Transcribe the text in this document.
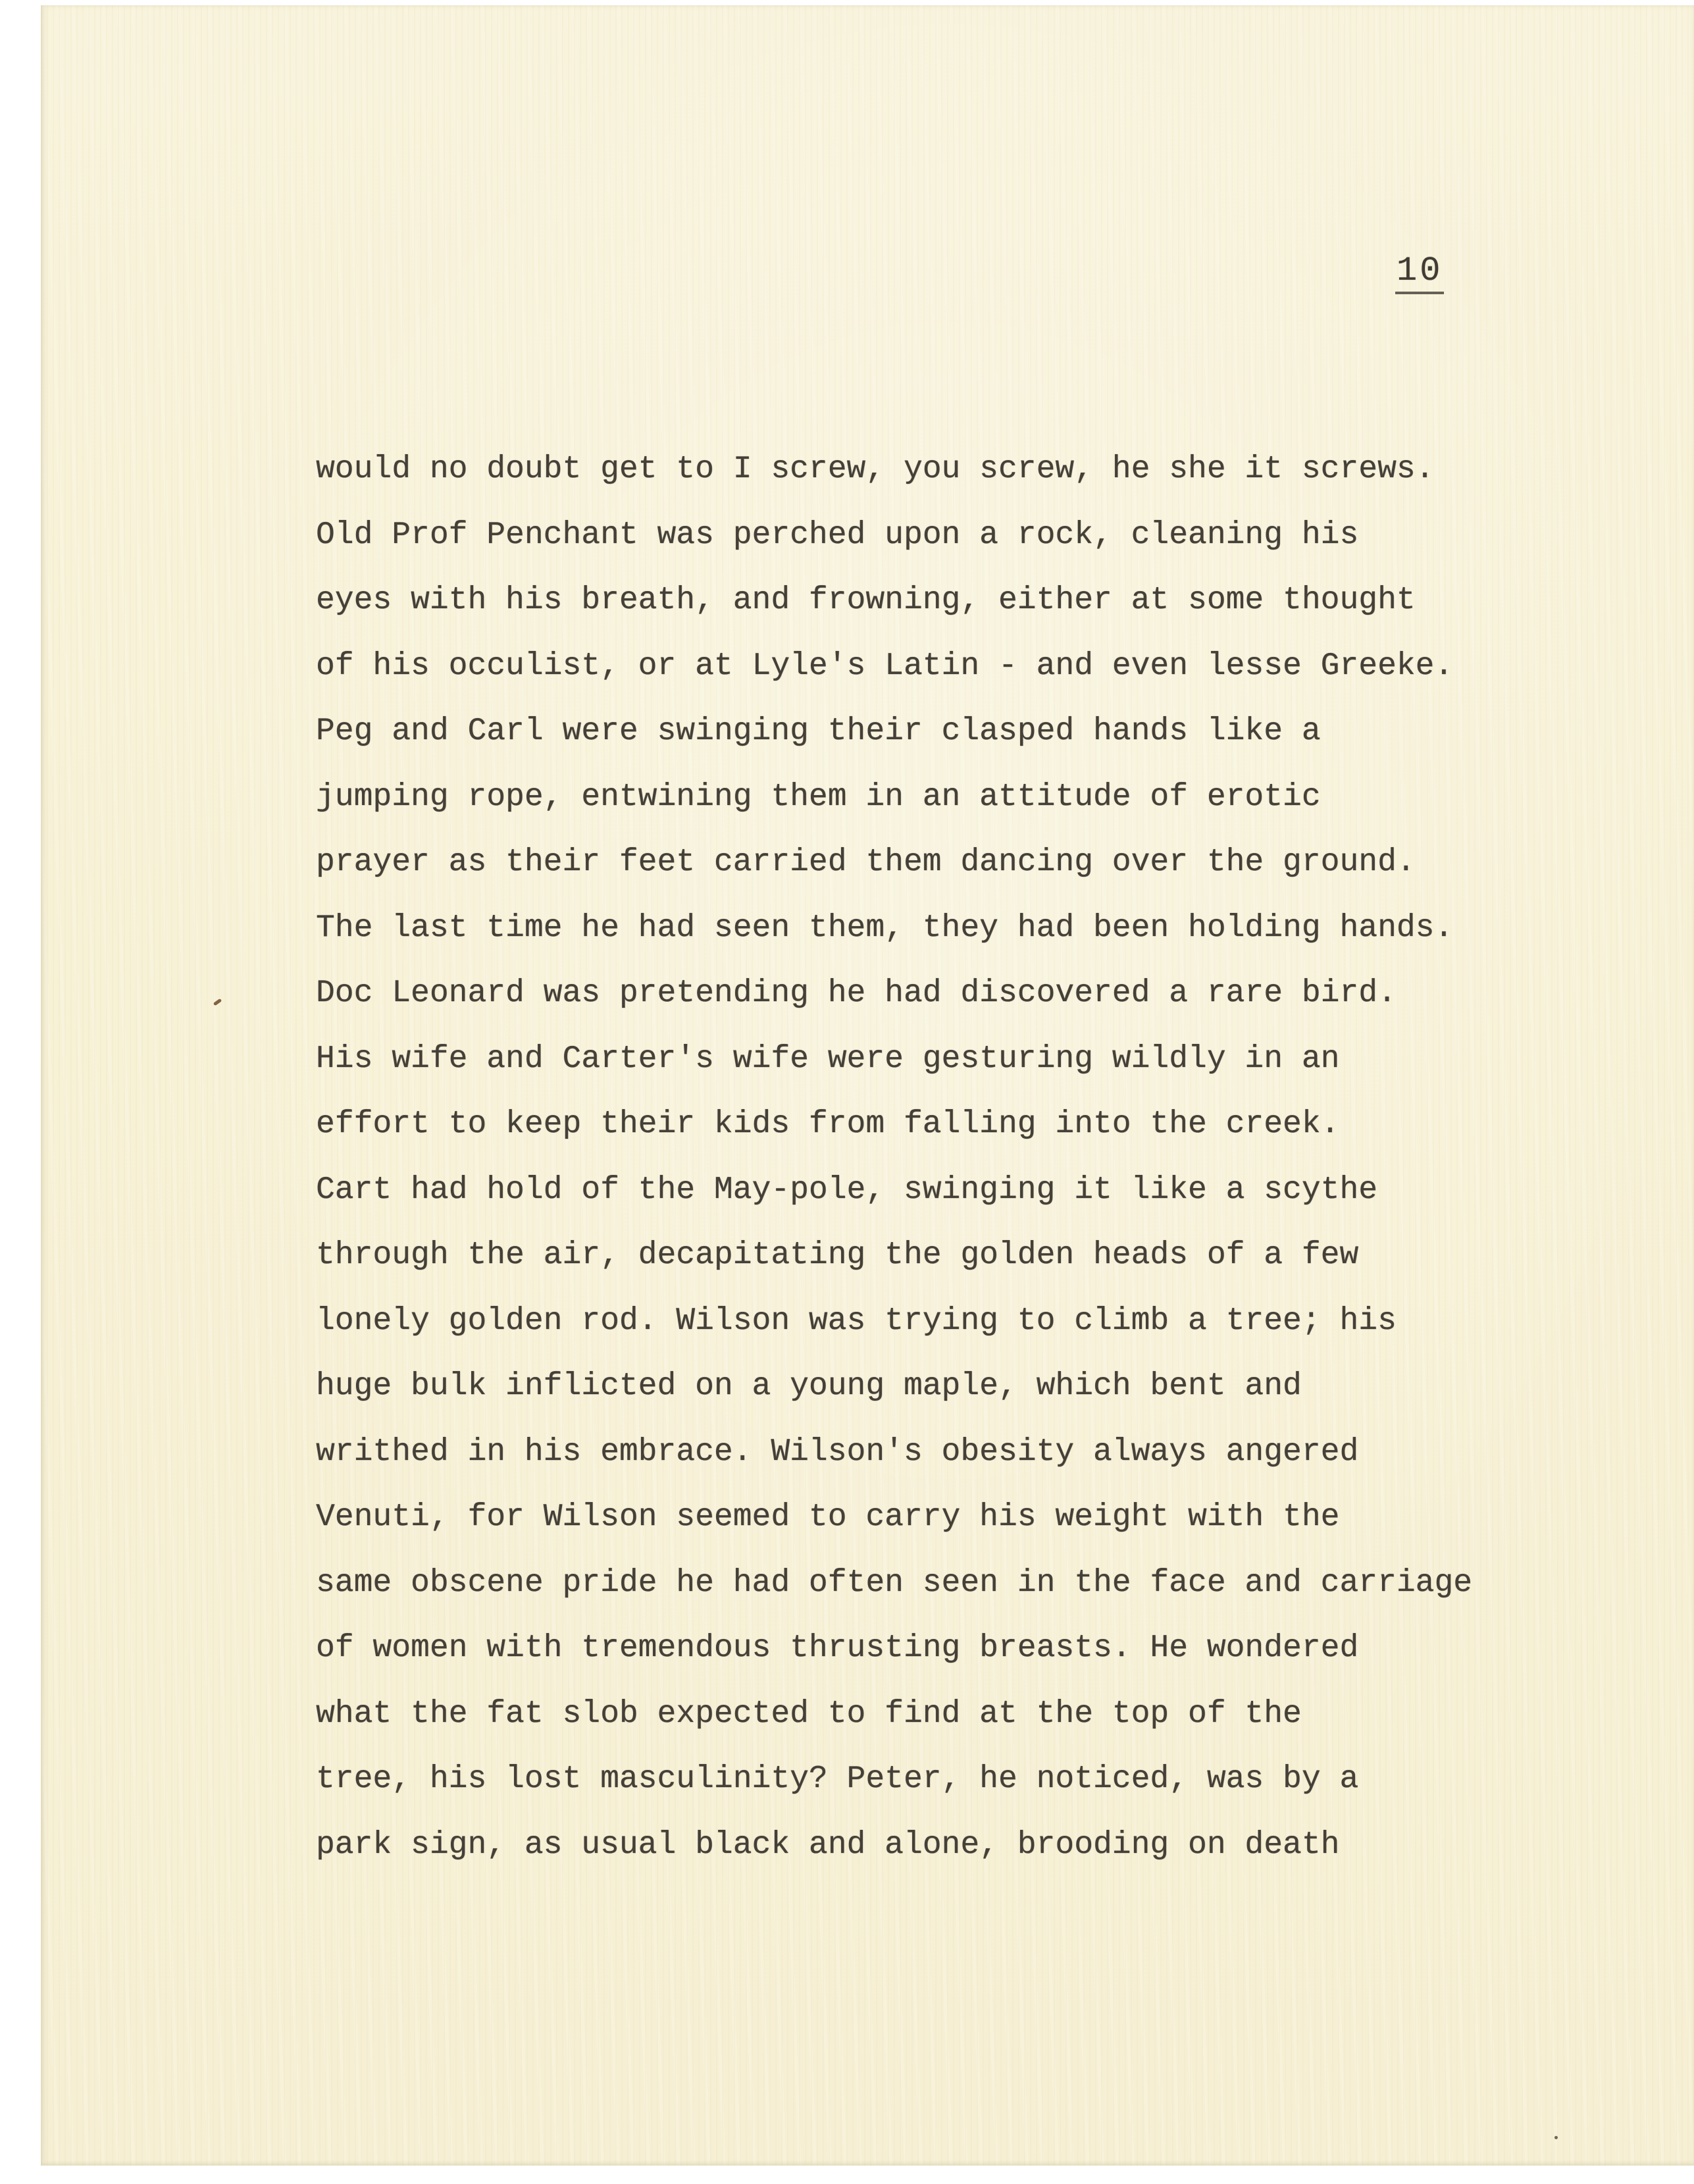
10
would no doubt get to I screw, you screw, he she it screws.
Old Prof Penchant was perched upon a rock, cleaning his
eyes with his breath, and frowning, either at some thought
of his occulist, or at Lyle's Latin - and even lesse Greeke.
Peg and Carl were swinging their clasped hands like a
jumping rope, entwining them in an attitude of erotic
prayer as their feet carried them dancing over the ground.
The last time he had seen them, they had been holding hands.
Doc Leonard was pretending he had discovered a rare bird.
His wife and Carter's wife were gesturing wildly in an
effort to keep their kids from falling into the creek.
Cart had hold of the May-pole, swinging it like a scythe
through the air, decapitating the golden heads of a few
lonely golden rod. Wilson was trying to climb a tree; his
huge bulk inflicted on a young maple, which bent and
writhed in his embrace. Wilson's obesity always angered
Venuti, for Wilson seemed to carry his weight with the
same obscene pride he had often seen in the face and carriage
of women with tremendous thrusting breasts. He wondered
what the fat slob expected to find at the top of the
tree, his lost masculinity? Peter, he noticed, was by a
park sign, as usual black and alone, brooding on death
